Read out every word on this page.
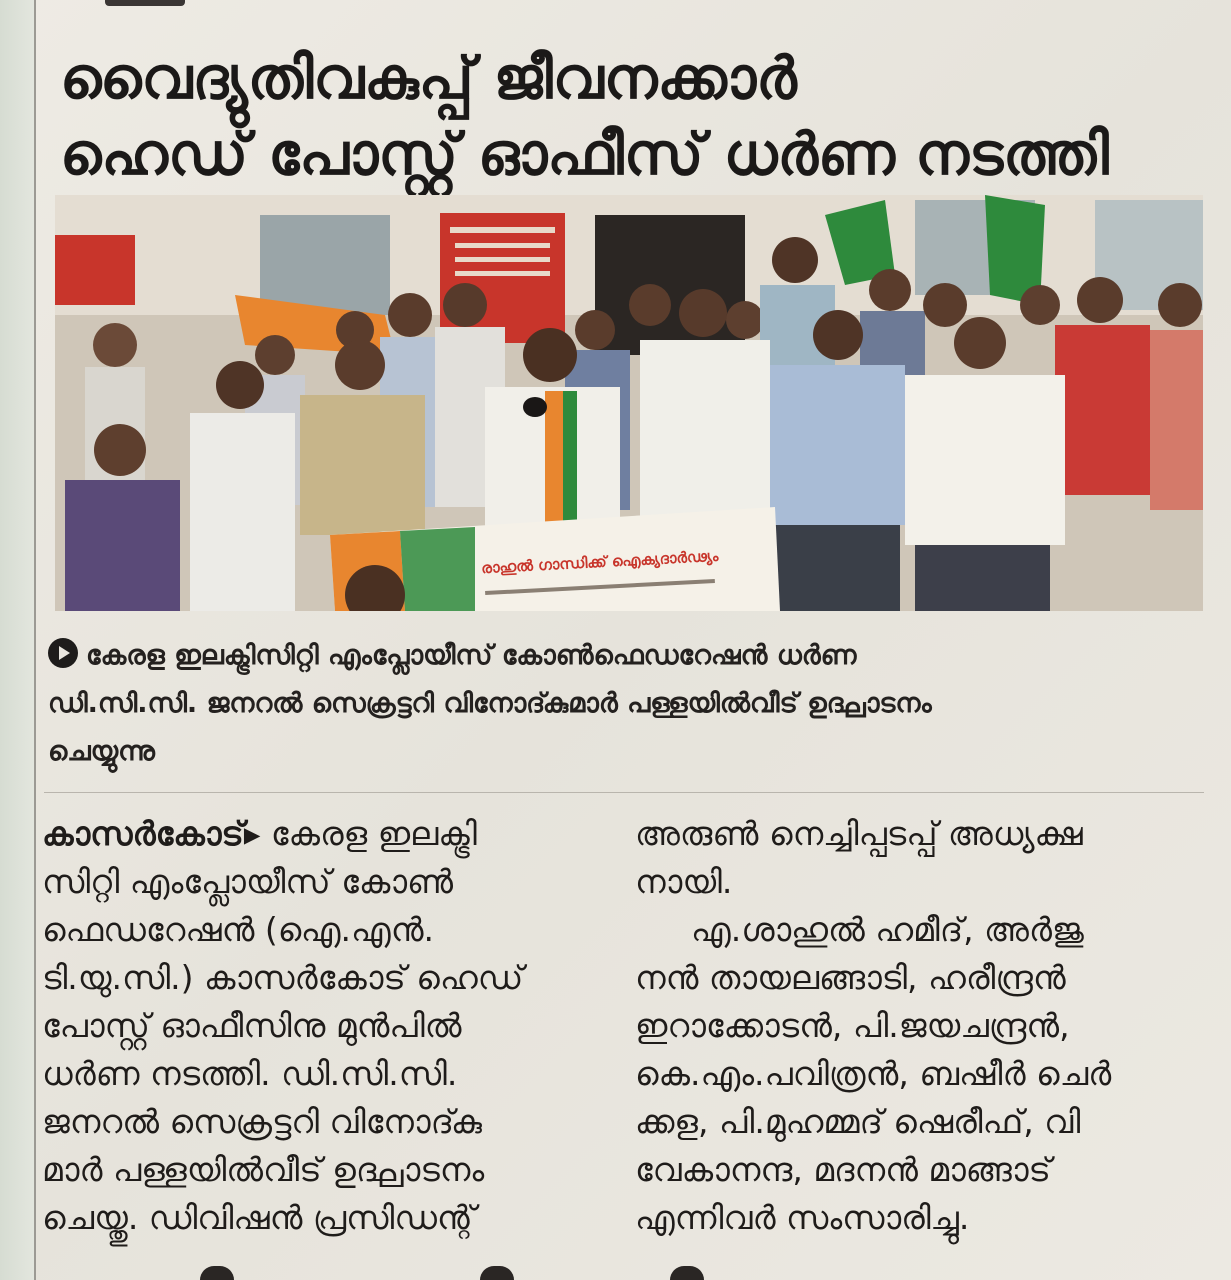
വൈദ്യുതിവകുപ്പ് ജീവനക്കാർ
ഹെഡ് പോസ്റ്റ് ഓഫീസ് ധർണ നടത്തി
രാഹുൽ ഗാന്ധിക്ക് ഐക്യദാർഢ്യം
കേരള ഇലക്ട്രിസിറ്റി എംപ്ലോയീസ് കോൺഫെഡറേഷൻ ധർണ
ഡി.സി.സി. ജനറൽ സെക്രട്ടറി വിനോദ്കുമാർ പള്ളയിൽവീട് ഉദ്ഘാടനം
ചെയ്യുന്നു
കാസർകോട്▸ കേരള ഇലക്ട്രി
സിറ്റി എംപ്ലോയീസ് കോൺ
ഫെഡറേഷൻ (ഐ.എൻ.
ടി.യു.സി.) കാസർകോട് ഹെഡ്
പോസ്റ്റ് ഓഫീസിനു മുൻപിൽ
ധർണ നടത്തി. ഡി.സി.സി.
ജനറൽ സെക്രട്ടറി വിനോദ്കു
മാർ പള്ളയിൽവീട് ഉദ്ഘാടനം
ചെയ്തു. ഡിവിഷൻ പ്രസിഡന്റ്
അരുൺ നെച്ചിപ്പടപ്പ് അധ്യക്ഷ
നായി.
എ.ശാഹുൽ ഹമീദ്, അർജു
നൻ തായലങ്ങാടി, ഹരീന്ദ്രൻ
ഇറാക്കോടൻ, പി.ജയചന്ദ്രൻ,
കെ.എം.പവിത്രൻ, ബഷീർ ചെർ
ക്കള, പി.മുഹമ്മദ് ഷെരീഫ്, വി
വേകാനന്ദ, മദനൻ മാങ്ങാട്
എന്നിവർ സംസാരിച്ചു.
